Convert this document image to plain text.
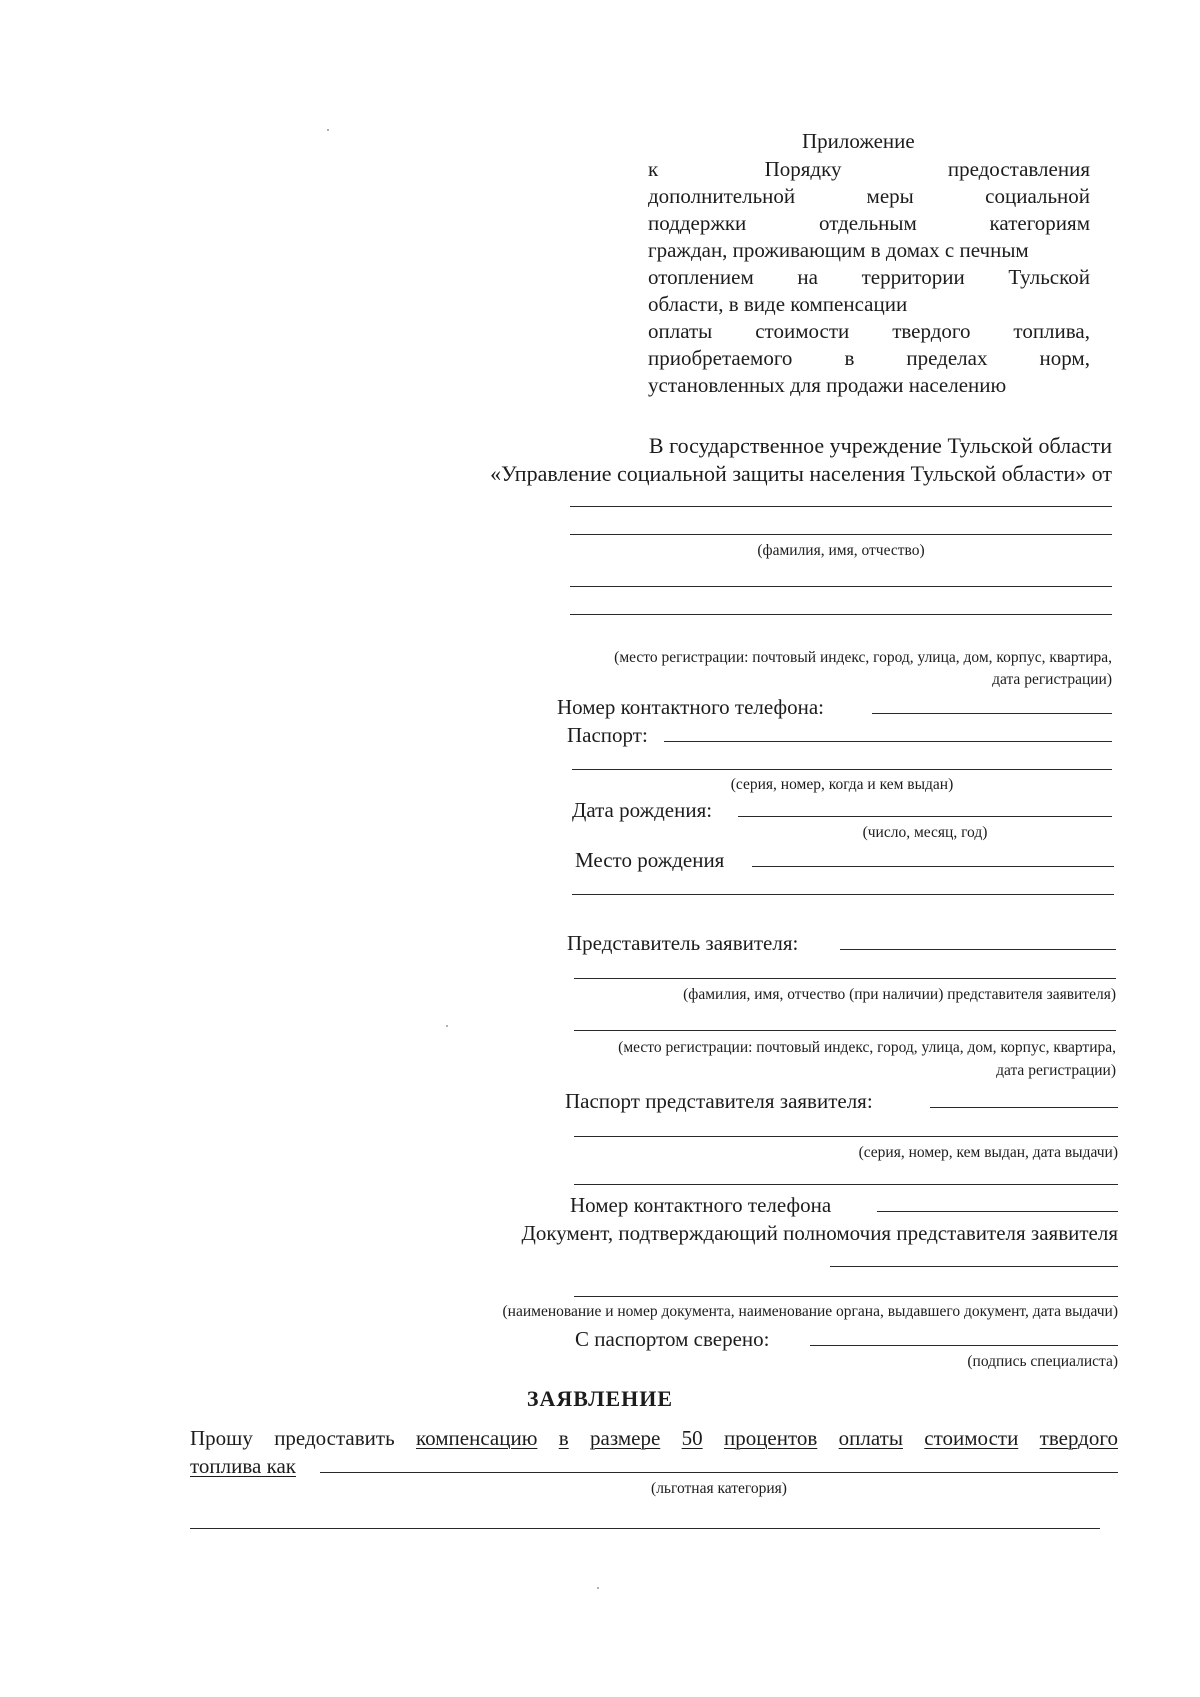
Приложение
к	Порядку	предоставления
дополнительной	меры	социальной
поддержки	отдельным	категориям
граждан, проживающим в домах с печным
отоплением на территории Тульской
области, в виде компенсации
оплаты стоимости твердого топлива,
приобретаемого в пределах норм,
установленных для продажи населению
В государственное учреждение Тульской области
«Управление социальной защиты населения Тульской области» от
(фамилия, имя, отчество)
(место регистрации: почтовый индекс, город, улица, дом, корпус, квартира,
дата регистрации)
Номер контактного телефона:
Паспорт:
(серия, номер, когда и кем выдан)
Дата рождения:
(число, месяц, год)
Место рождения
Представитель заявителя:
(фамилия, имя, отчество (при наличии) представителя заявителя)
(место регистрации: почтовый индекс, город, улица, дом, корпус, квартира,
дата регистрации)
Паспорт представителя заявителя:
(серия, номер, кем выдан, дата выдачи)
Номер контактного телефона
Документ, подтверждающий полномочия представителя заявителя
(наименование и номер документа, наименование органа, выдавшего документ, дата выдачи)
С паспортом сверено:
(подпись специалиста)
ЗАЯВЛЕНИЕ
Прошу предоставить компенсацию в размере 50 процентов оплаты стоимости твердого
топлива как
(льготная категория)
